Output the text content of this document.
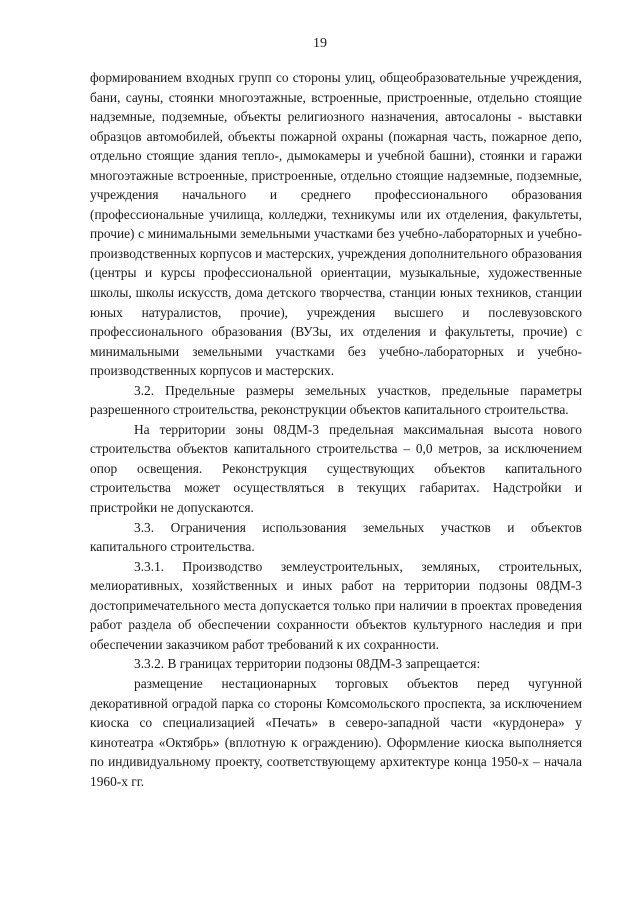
19

формированием входных групп со стороны улиц, общеобразовательные учреждения, бани, сауны, стоянки многоэтажные, встроенные, пристроенные, отдельно стоящие надземные, подземные, объекты религиозного назначения, автосалоны - выставки образцов автомобилей, объекты пожарной охраны (пожарная часть, пожарное депо, отдельно стоящие здания тепло-, дымокамеры и учебной башни), стоянки и гаражи многоэтажные встроенные, пристроенные, отдельно стоящие надземные, подземные, учреждения начального и среднего профессионального образования (профессиональные училища, колледжи, техникумы или их отделения, факультеты, прочие) с минимальными земельными участками без учебно-лабораторных и учебно-производственных корпусов и мастерских, учреждения дополнительного образования (центры и курсы профессиональной ориентации, музыкальные, художественные школы, школы искусств, дома детского творчества, станции юных техников, станции юных натуралистов, прочие), учреждения высшего и послевузовского профессионального образования (ВУЗы, их отделения и факультеты, прочие) с минимальными земельными участками без учебно-лабораторных и учебно-производственных корпусов и мастерских.

3.2. Предельные размеры земельных участков, предельные параметры разрешенного строительства, реконструкции объектов капитального строительства.

На территории зоны 08ДМ-3 предельная максимальная высота нового строительства объектов капитального строительства – 0,0 метров, за исключением опор освещения. Реконструкция существующих объектов капитального строительства может осуществляться в текущих габаритах. Надстройки и пристройки не допускаются.

3.3. Ограничения использования земельных участков и объектов капитального строительства.

3.3.1. Производство землеустроительных, земляных, строительных, мелиоративных, хозяйственных и иных работ на территории подзоны 08ДМ-3 достопримечательного места допускается только при наличии в проектах проведения работ раздела об обеспечении сохранности объектов культурного наследия и при обеспечении заказчиком работ требований к их сохранности.

3.3.2. В границах территории подзоны 08ДМ-3 запрещается:

размещение нестационарных торговых объектов перед чугунной декоративной оградой парка со стороны Комсомольского проспекта, за исключением киоска со специализацией «Печать» в северо-западной части «курдонера» у кинотеатра «Октябрь» (вплотную к ограждению). Оформление киоска выполняется по индивидуальному проекту, соответствующему архитектуре конца 1950-х – начала 1960-х гг.
